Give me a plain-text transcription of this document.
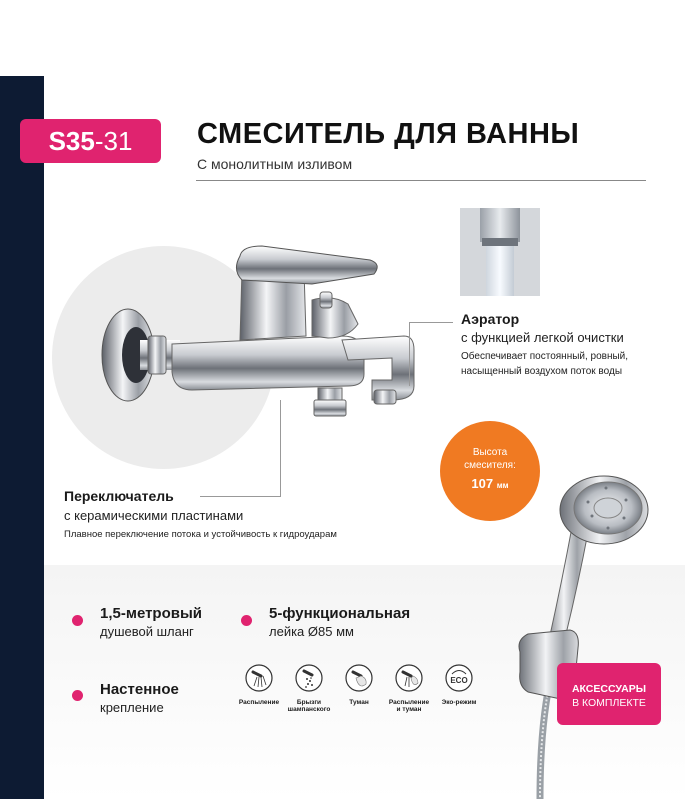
S35 -31 СМЕСИТЕЛЬ ДЛЯ ВАННЫ
С монолитным изливом
Аэратор
с функцией легкой очистки
Обеспечивает постоянный, ровный,
насыщенный воздухом поток воды
Высота
смесителя:
107 мм
Переключатель
с керамическими пластинами
Плавное переключение потока и устойчивость к гидроударам
1,5-метровый
душевой шланг
5-функциональная
лейка Ø85 мм
Настенное
крепление	Распыление	Брызги
шампанского
Туман	Распыление
и туман
ECO
Эко-режим
АКСЕССУАРЫ
В КОМПЛЕКТЕ
